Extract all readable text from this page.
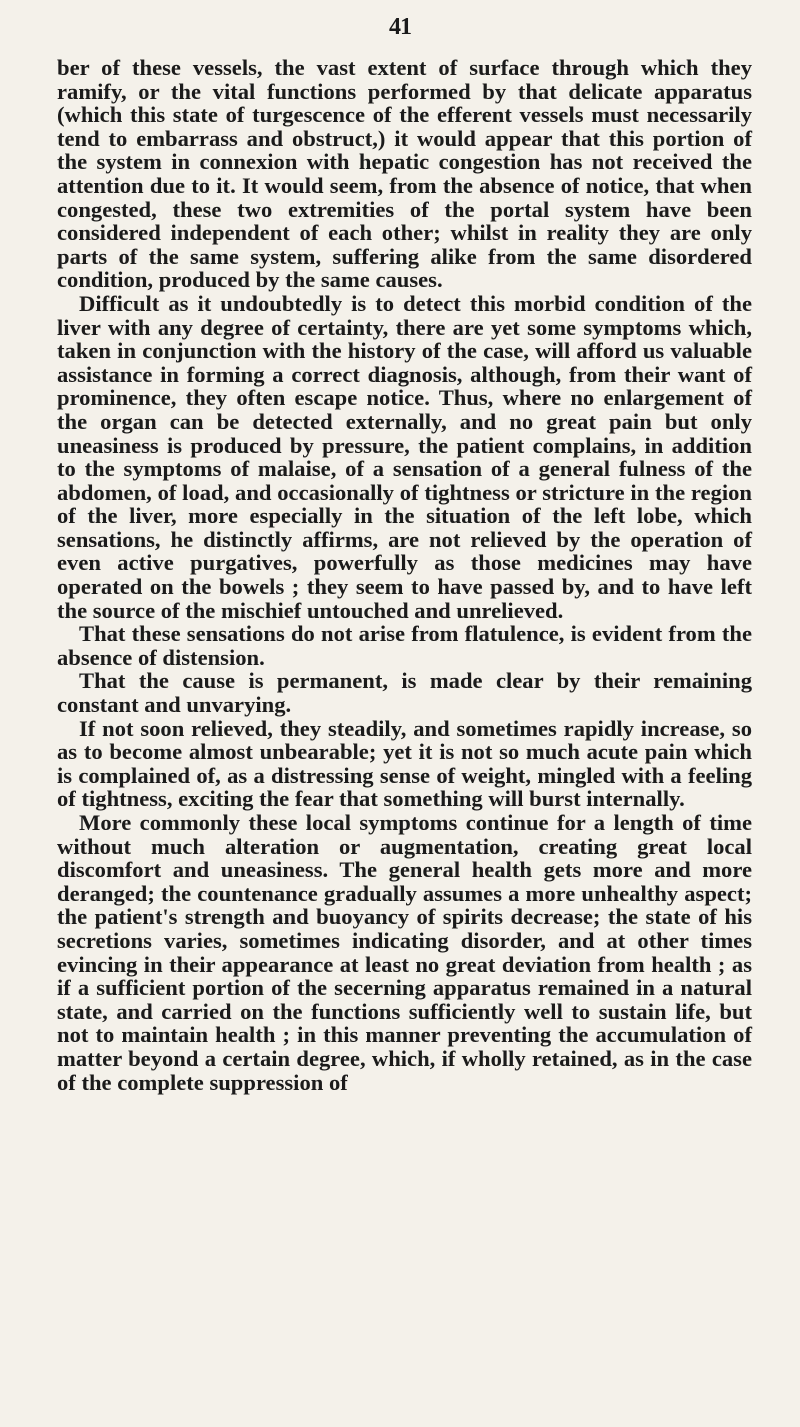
41

ber of these vessels, the vast extent of surface through which they ramify, or the vital functions performed by that delicate apparatus (which this state of turgescence of the efferent vessels must necessarily tend to embarrass and obstruct,) it would appear that this portion of the system in connexion with hepatic congestion has not received the attention due to it. It would seem, from the absence of notice, that when congested, these two extremities of the portal system have been considered independent of each other; whilst in reality they are only parts of the same system, suffering alike from the same disordered condition, produced by the same causes.

Difficult as it undoubtedly is to detect this morbid condition of the liver with any degree of certainty, there are yet some symptoms which, taken in conjunction with the history of the case, will afford us valuable assistance in forming a correct diagnosis, although, from their want of prominence, they often escape notice. Thus, where no enlargement of the organ can be detected externally, and no great pain but only uneasiness is produced by pressure, the patient complains, in addition to the symptoms of malaise, of a sensation of a general fulness of the abdomen, of load, and occasionally of tightness or stricture in the region of the liver, more especially in the situation of the left lobe, which sensations, he distinctly affirms, are not relieved by the operation of even active purgatives, powerfully as those medicines may have operated on the bowels ; they seem to have passed by, and to have left the source of the mischief untouched and unrelieved.

That these sensations do not arise from flatulence, is evident from the absence of distension.

That the cause is permanent, is made clear by their remaining constant and unvarying.

If not soon relieved, they steadily, and sometimes rapidly increase, so as to become almost unbearable; yet it is not so much acute pain which is complained of, as a distressing sense of weight, mingled with a feeling of tightness, exciting the fear that something will burst internally.

More commonly these local symptoms continue for a length of time without much alteration or augmentation, creating great local discomfort and uneasiness. The general health gets more and more deranged; the countenance gradually assumes a more unhealthy aspect; the patient's strength and buoyancy of spirits decrease; the state of his secretions varies, sometimes indicating disorder, and at other times evincing in their appearance at least no great deviation from health ; as if a sufficient portion of the secerning apparatus remained in a natural state, and carried on the functions sufficiently well to sustain life, but not to maintain health ; in this manner preventing the accumulation of matter beyond a certain degree, which, if wholly retained, as in the case of the complete suppression of
